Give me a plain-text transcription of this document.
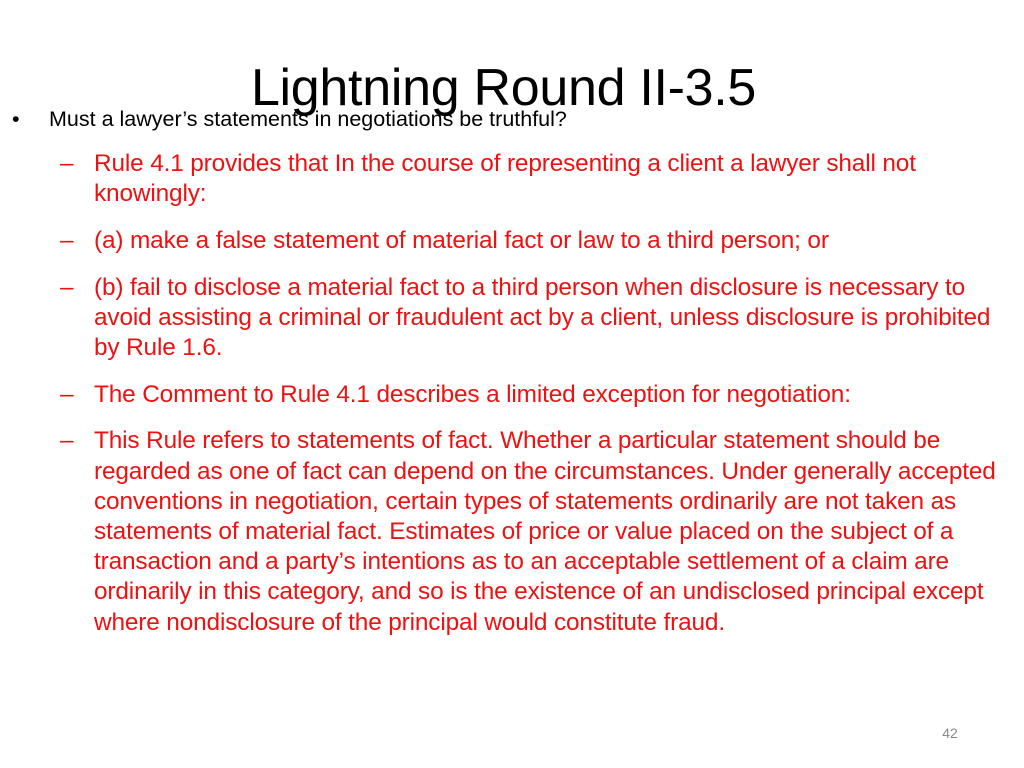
Lightning Round II-3.5
•	Must a lawyer’s statements in negotiations be truthful?
– Rule 4.1 provides that In the course of representing a client a lawyer shall not knowingly:
– (a) make a false statement of material fact or law to a third person; or
– (b) fail to disclose a material fact to a third person when disclosure is necessary to avoid assisting a criminal or fraudulent act by a client, unless disclosure is prohibited by Rule 1.6.
– The Comment to Rule 4.1 describes a limited exception for negotiation:
– This Rule refers to statements of fact. Whether a particular statement should be regarded as one of fact can depend on the circumstances. Under generally accepted conventions in negotiation, certain types of statements ordinarily are not taken as statements of material fact. Estimates of price or value placed on the subject of a transaction and a party’s intentions as to an acceptable settlement of a claim are ordinarily in this category, and so is the existence of an undisclosed principal except where nondisclosure of the principal would constitute fraud.
42
